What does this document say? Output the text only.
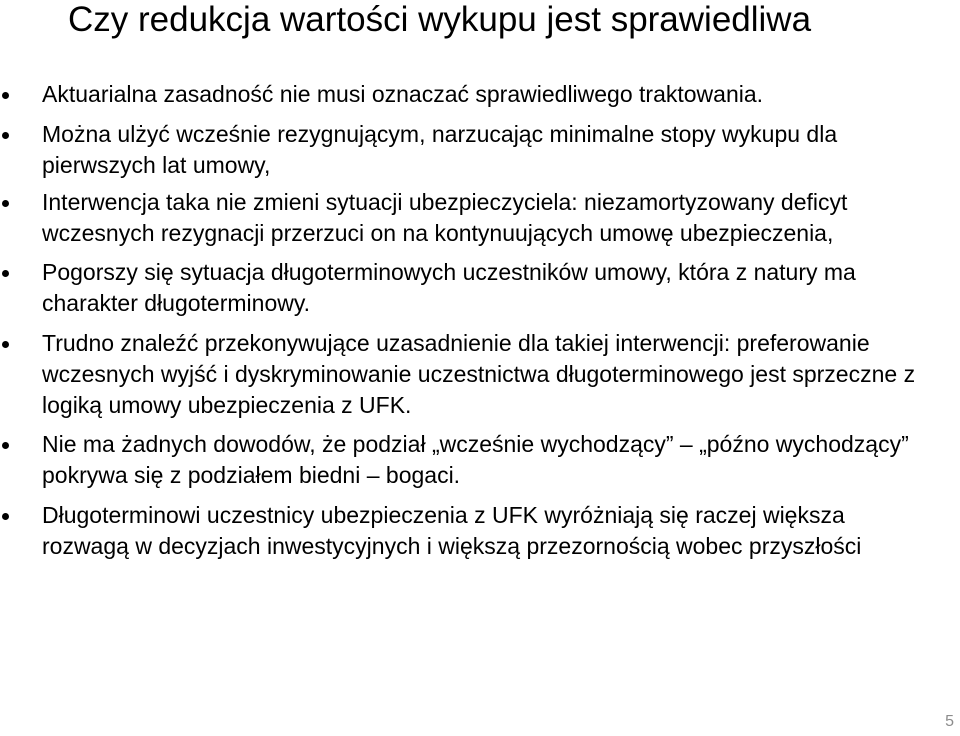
Czy redukcja wartości wykupu jest sprawiedliwa
Aktuarialna zasadność nie musi oznaczać sprawiedliwego traktowania.
Można ulżyć wcześnie rezygnującym, narzucając minimalne stopy wykupu dla pierwszych lat umowy,
Interwencja taka nie zmieni sytuacji ubezpieczyciela: niezamortyzowany deficyt wczesnych rezygnacji przerzuci on na kontynuujących umowę ubezpieczenia,
Pogorszy się sytuacja długoterminowych uczestników umowy, która z natury ma charakter długoterminowy.
Trudno znaleźć przekonywujące uzasadnienie dla takiej interwencji: preferowanie wczesnych wyjść i dyskryminowanie uczestnictwa długoterminowego jest sprzeczne z logiką umowy ubezpieczenia z UFK.
Nie ma żadnych dowodów, że podział „wcześnie wychodzący” – „późno wychodzący” pokrywa się z podziałem biedni – bogaci.
Długoterminowi uczestnicy ubezpieczenia z UFK wyróżniają się raczej większa rozwagą w decyzjach inwestycyjnych i większą przezornością wobec przyszłości
5
